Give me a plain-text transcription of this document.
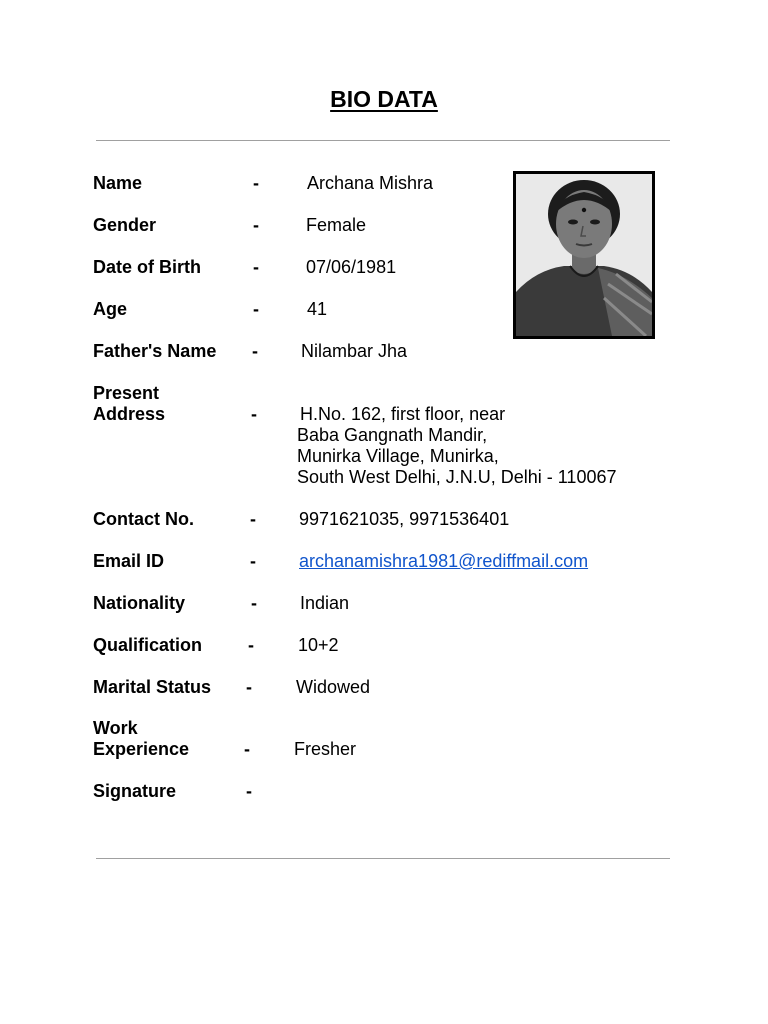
BIO DATA
Name	-	Archana Mishra
Gender	-	Female
Date of Birth	-	07/06/1981
Age	-	41
Father's Name - Nilambar Jha
Present
Address	- H.No. 162, first floor, near
Baba Gangnath Mandir,
Munirka Village, Munirka,
South West Delhi, J.N.U, Delhi - 110067
Contact No.	- 9971621035, 9971536401
Email ID	- archanamishra1981@rediffmail.com
Nationality	- Indian
Qualification	- 10+2
Marital Status - Widowed
Work
Experience	- Fresher
Signature	-
